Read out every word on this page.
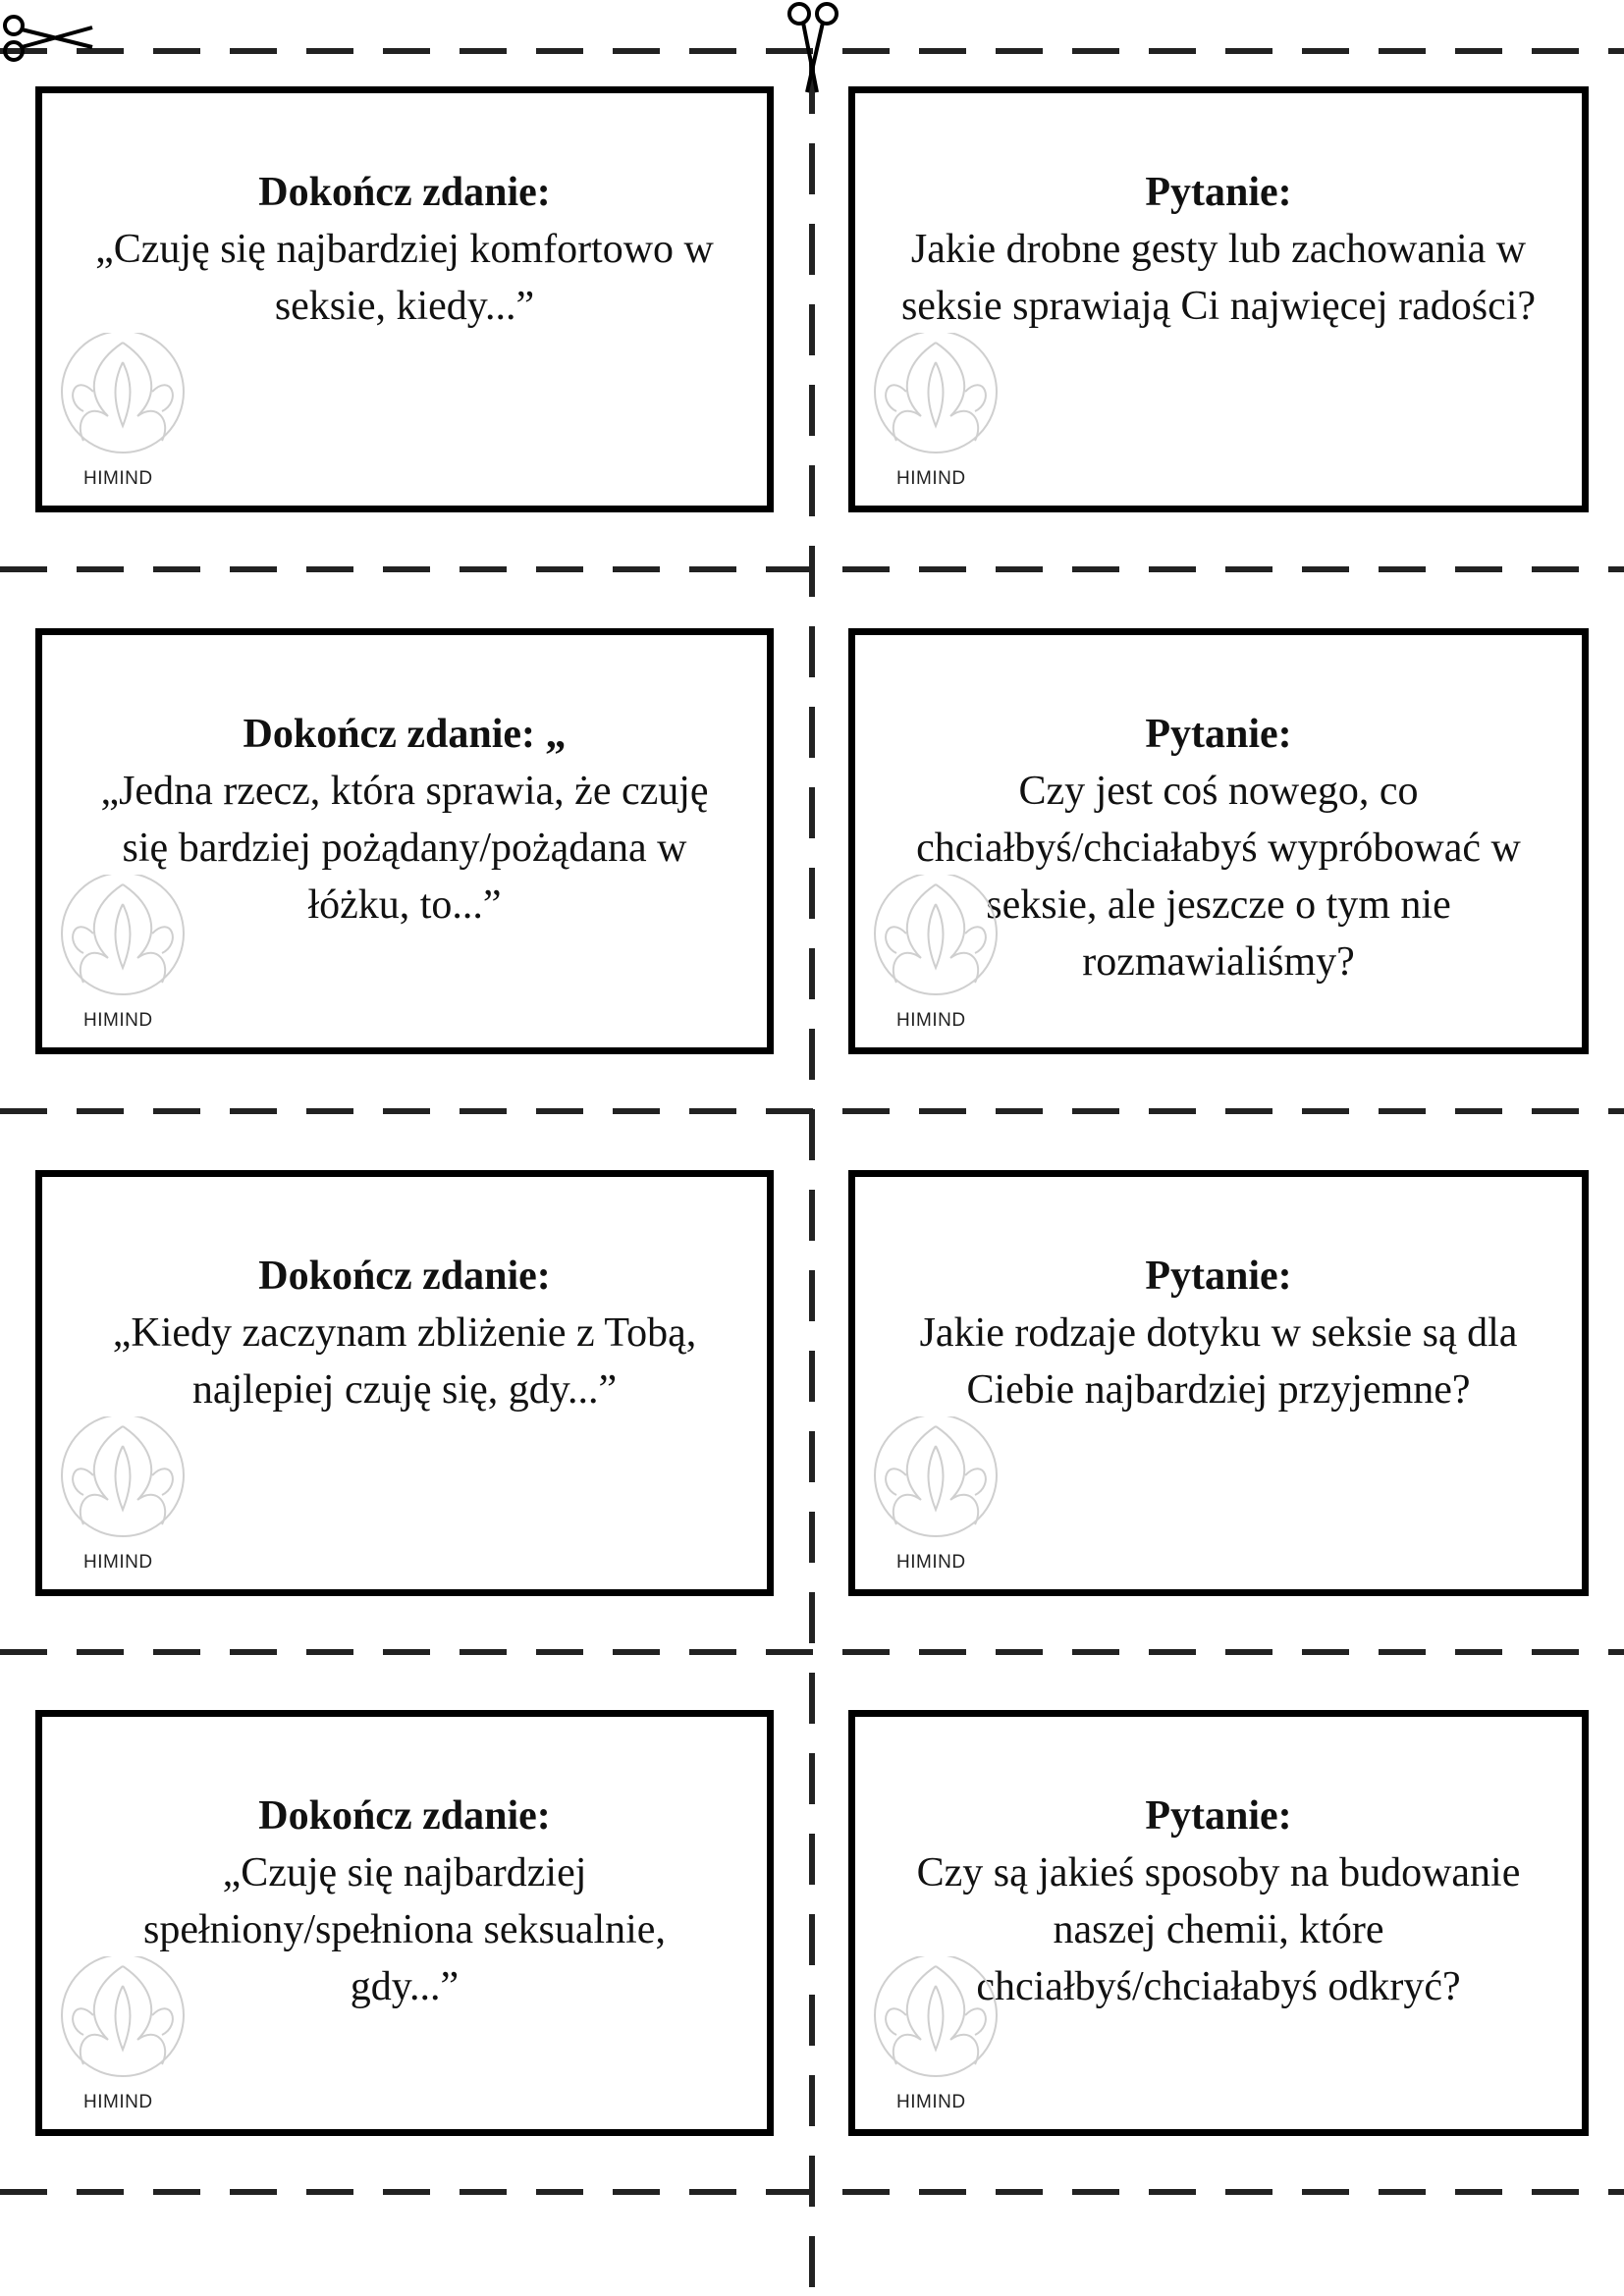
Dokończ zdanie:
„Czuję się najbardziej komfortowo w
seksie, kiedy...”
HIMIND
Pytanie:
Jakie drobne gesty lub zachowania w
seksie sprawiają Ci najwięcej radości?
HIMIND
Dokończ zdanie: „
„Jedna rzecz, która sprawia, że czuję
się bardziej pożądany/pożądana w
łóżku, to...”
HIMIND
Pytanie:
Czy jest coś nowego, co
chciałbyś/chciałabyś wypróbować w
seksie, ale jeszcze o tym nie
rozmawialiśmy?
HIMIND
Dokończ zdanie:
„Kiedy zaczynam zbliżenie z Tobą,
najlepiej czuję się, gdy...”
HIMIND
Pytanie:
Jakie rodzaje dotyku w seksie są dla
Ciebie najbardziej przyjemne?
HIMIND
Dokończ zdanie:
„Czuję się najbardziej
spełniony/spełniona seksualnie,
gdy...”
HIMIND
Pytanie:
Czy są jakieś sposoby na budowanie
naszej chemii, które
chciałbyś/chciałabyś odkryć?
HIMIND
